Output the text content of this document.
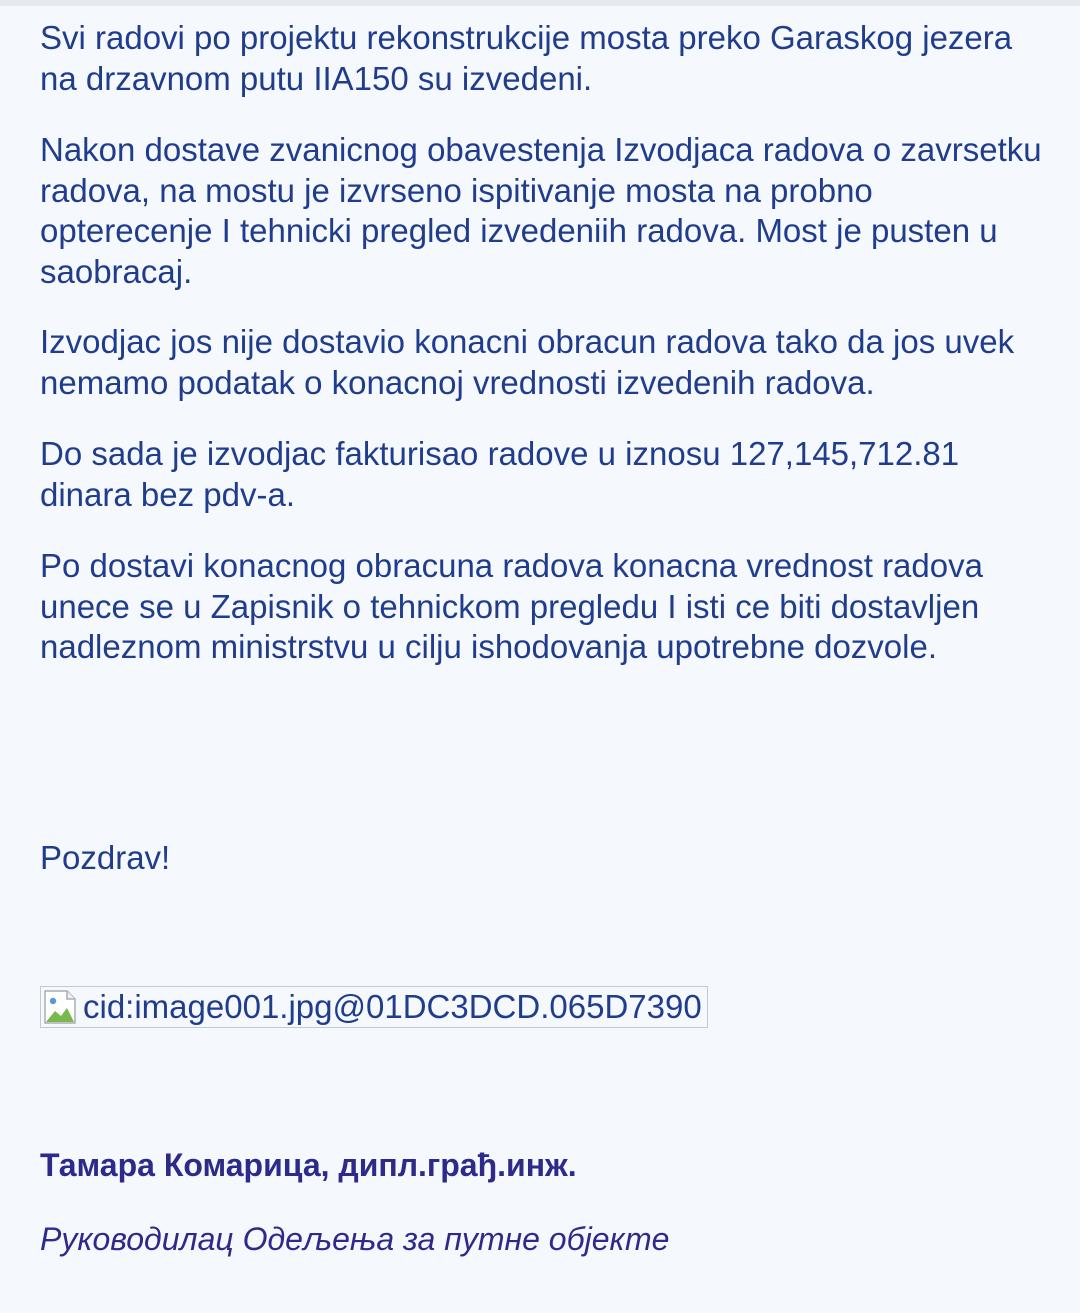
Svi radovi po projektu rekonstrukcije mosta preko Garaskog jezera na drzavnom putu IIA150 su izvedeni.

Nakon dostave zvanicnog obavestenja Izvodjaca radova o zavrsetku radova, na mostu je izvrseno ispitivanje mosta na probno opterecenje I tehnicki pregled izvedeniih radova. Most je pusten u saobracaj.

Izvodjac jos nije dostavio konacni obracun radova tako da jos uvek nemamo podatak o konacnoj vrednosti izvedenih radova.

Do sada je izvodjac fakturisao radove u iznosu 127,145,712.81 dinara bez pdv-a.

Po dostavi konacnog obracuna radova konacna vrednost radova unece se u Zapisnik o tehnickom pregledu I isti ce biti dostavljen nadleznom ministrstvu u cilju ishodovanja upotrebne dozvole.

Pozdrav!
cid:image001.jpg@01DC3DCD.065D7390
Тамара Комарица, дипл.грађ.инж.
Руководилац Одељења за путне објекте
